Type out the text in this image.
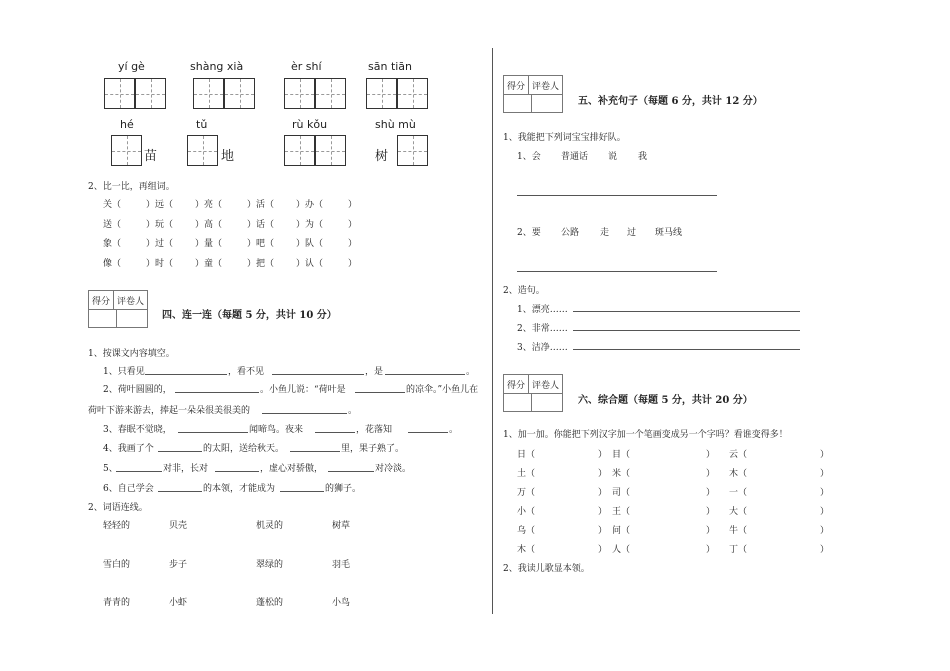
yí gè	shàng xià	èr shí	sān tiān
hé	tǔ	rù kǒu	shù mù
苗	地	树
2、比一比，再组词。
关（	）远（ ）亮（	）活（ ）办（	）
送（	）玩（ ）高（	）话（ ）为（	）
象（	）过（ ）量（	）吧（ ）队（	）
像（	）时（ ）童（	）把（ ）认（	）
得分 评卷人
四、连一连（每题 5 分，共计 10 分）
1、按课文内容填空。
1、只看见	，看不见	，是	。
2、荷叶圆圆的，	。小鱼儿说：“荷叶是	的凉伞。”小鱼儿在
荷叶下游来游去，捧起一朵朵很美很美的	。
3、春眠不觉晓，	闻啼鸟。夜来	，花落知	。
4、我画了个	的太阳，送给秋天。	里，果子熟了。
5、	对非，长对	，虚心对骄傲，	对冷淡。
6、自己学会	的本领，才能成为	的狮子。
2、词语连线。
轻轻的	贝壳	机灵的	树草
雪白的	步子	翠绿的	羽毛
青青的	小虾	蓬松的	小鸟
得分 评卷人
五、补充句子（每题 6 分，共计 12 分）
1、我能把下列词宝宝排好队。
1、会 普通话 说 我
2、要 公路 走 过 斑马线
2、造句。
1、漂亮……
2、非常……
3、洁净……
得分 评卷人
六、综合题（每题 5 分，共计 20 分）
1、加一加。你能把下列汉字加一个笔画变成另一个字吗？看谁变得多！
日（	） 目（	） 云（	）
土（	） 米（	） 木（	）
万（	） 司（	） 一（	）
小（	） 王（	） 大（	）
乌（	） 问（	） 牛（	）
木（	） 人（	） 丁（	）
2、我读儿歌显本领。
